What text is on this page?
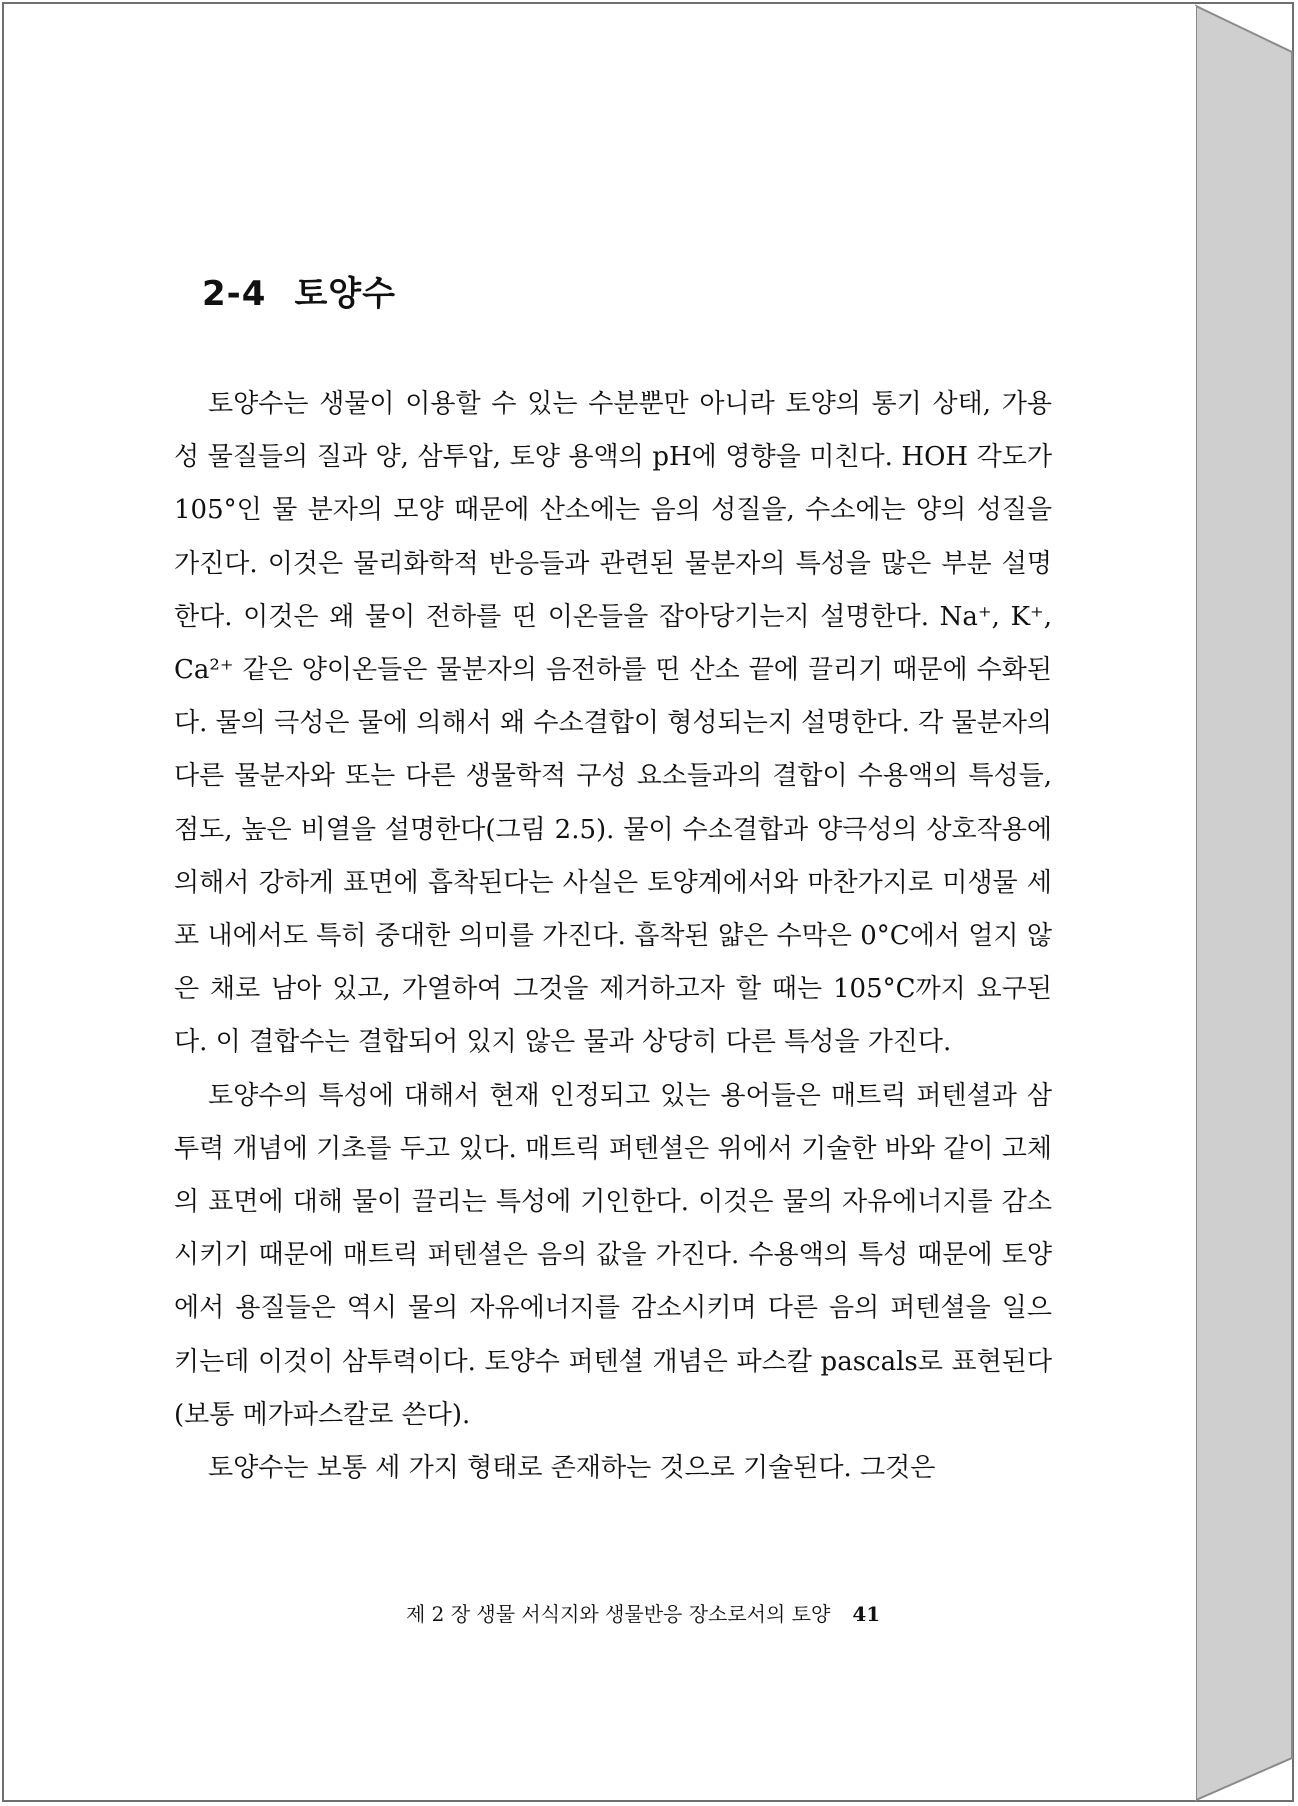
2-4 토양수

토양수는 생물이 이용할 수 있는 수분뿐만 아니라 토양의 통기 상태, 가용성 물질들의 질과 양, 삼투압, 토양 용액의 pH에 영향을 미친다. HOH 각도가 105°인 물 분자의 모양 때문에 산소에는 음의 성질을, 수소에는 양의 성질을 가진다. 이것은 물리화학적 반응들과 관련된 물분자의 특성을 많은 부분 설명한다. 이것은 왜 물이 전하를 띤 이온들을 잡아당기는지 설명한다. Na⁺, K⁺, Ca²⁺ 같은 양이온들은 물분자의 음전하를 띤 산소 끝에 끌리기 때문에 수화된다. 물의 극성은 물에 의해서 왜 수소결합이 형성되는지 설명한다. 각 물분자의 다른 물분자와 또는 다른 생물학적 구성 요소들과의 결합이 수용액의 특성들, 점도, 높은 비열을 설명한다(그림 2.5). 물이 수소결합과 양극성의 상호작용에 의해서 강하게 표면에 흡착된다는 사실은 토양계에서와 마찬가지로 미생물 세포 내에서도 특히 중대한 의미를 가진다. 흡착된 얇은 수막은 0°C에서 얼지 않은 채로 남아 있고, 가열하여 그것을 제거하고자 할 때는 105°C까지 요구된다. 이 결합수는 결합되어 있지 않은 물과 상당히 다른 특성을 가진다.

토양수의 특성에 대해서 현재 인정되고 있는 용어들은 매트릭 퍼텐셜과 삼투력 개념에 기초를 두고 있다. 매트릭 퍼텐셜은 위에서 기술한 바와 같이 고체의 표면에 대해 물이 끌리는 특성에 기인한다. 이것은 물의 자유에너지를 감소시키기 때문에 매트릭 퍼텐셜은 음의 값을 가진다. 수용액의 특성 때문에 토양에서 용질들은 역시 물의 자유에너지를 감소시키며 다른 음의 퍼텐셜을 일으키는데 이것이 삼투력이다. 토양수 퍼텐셜 개념은 파스칼 pascals로 표현된다(보통 메가파스칼로 쓴다).

토양수는 보통 세 가지 형태로 존재하는 것으로 기술된다. 그것은

제 2 장 생물 서식지와 생물반응 장소로서의 토양 41
